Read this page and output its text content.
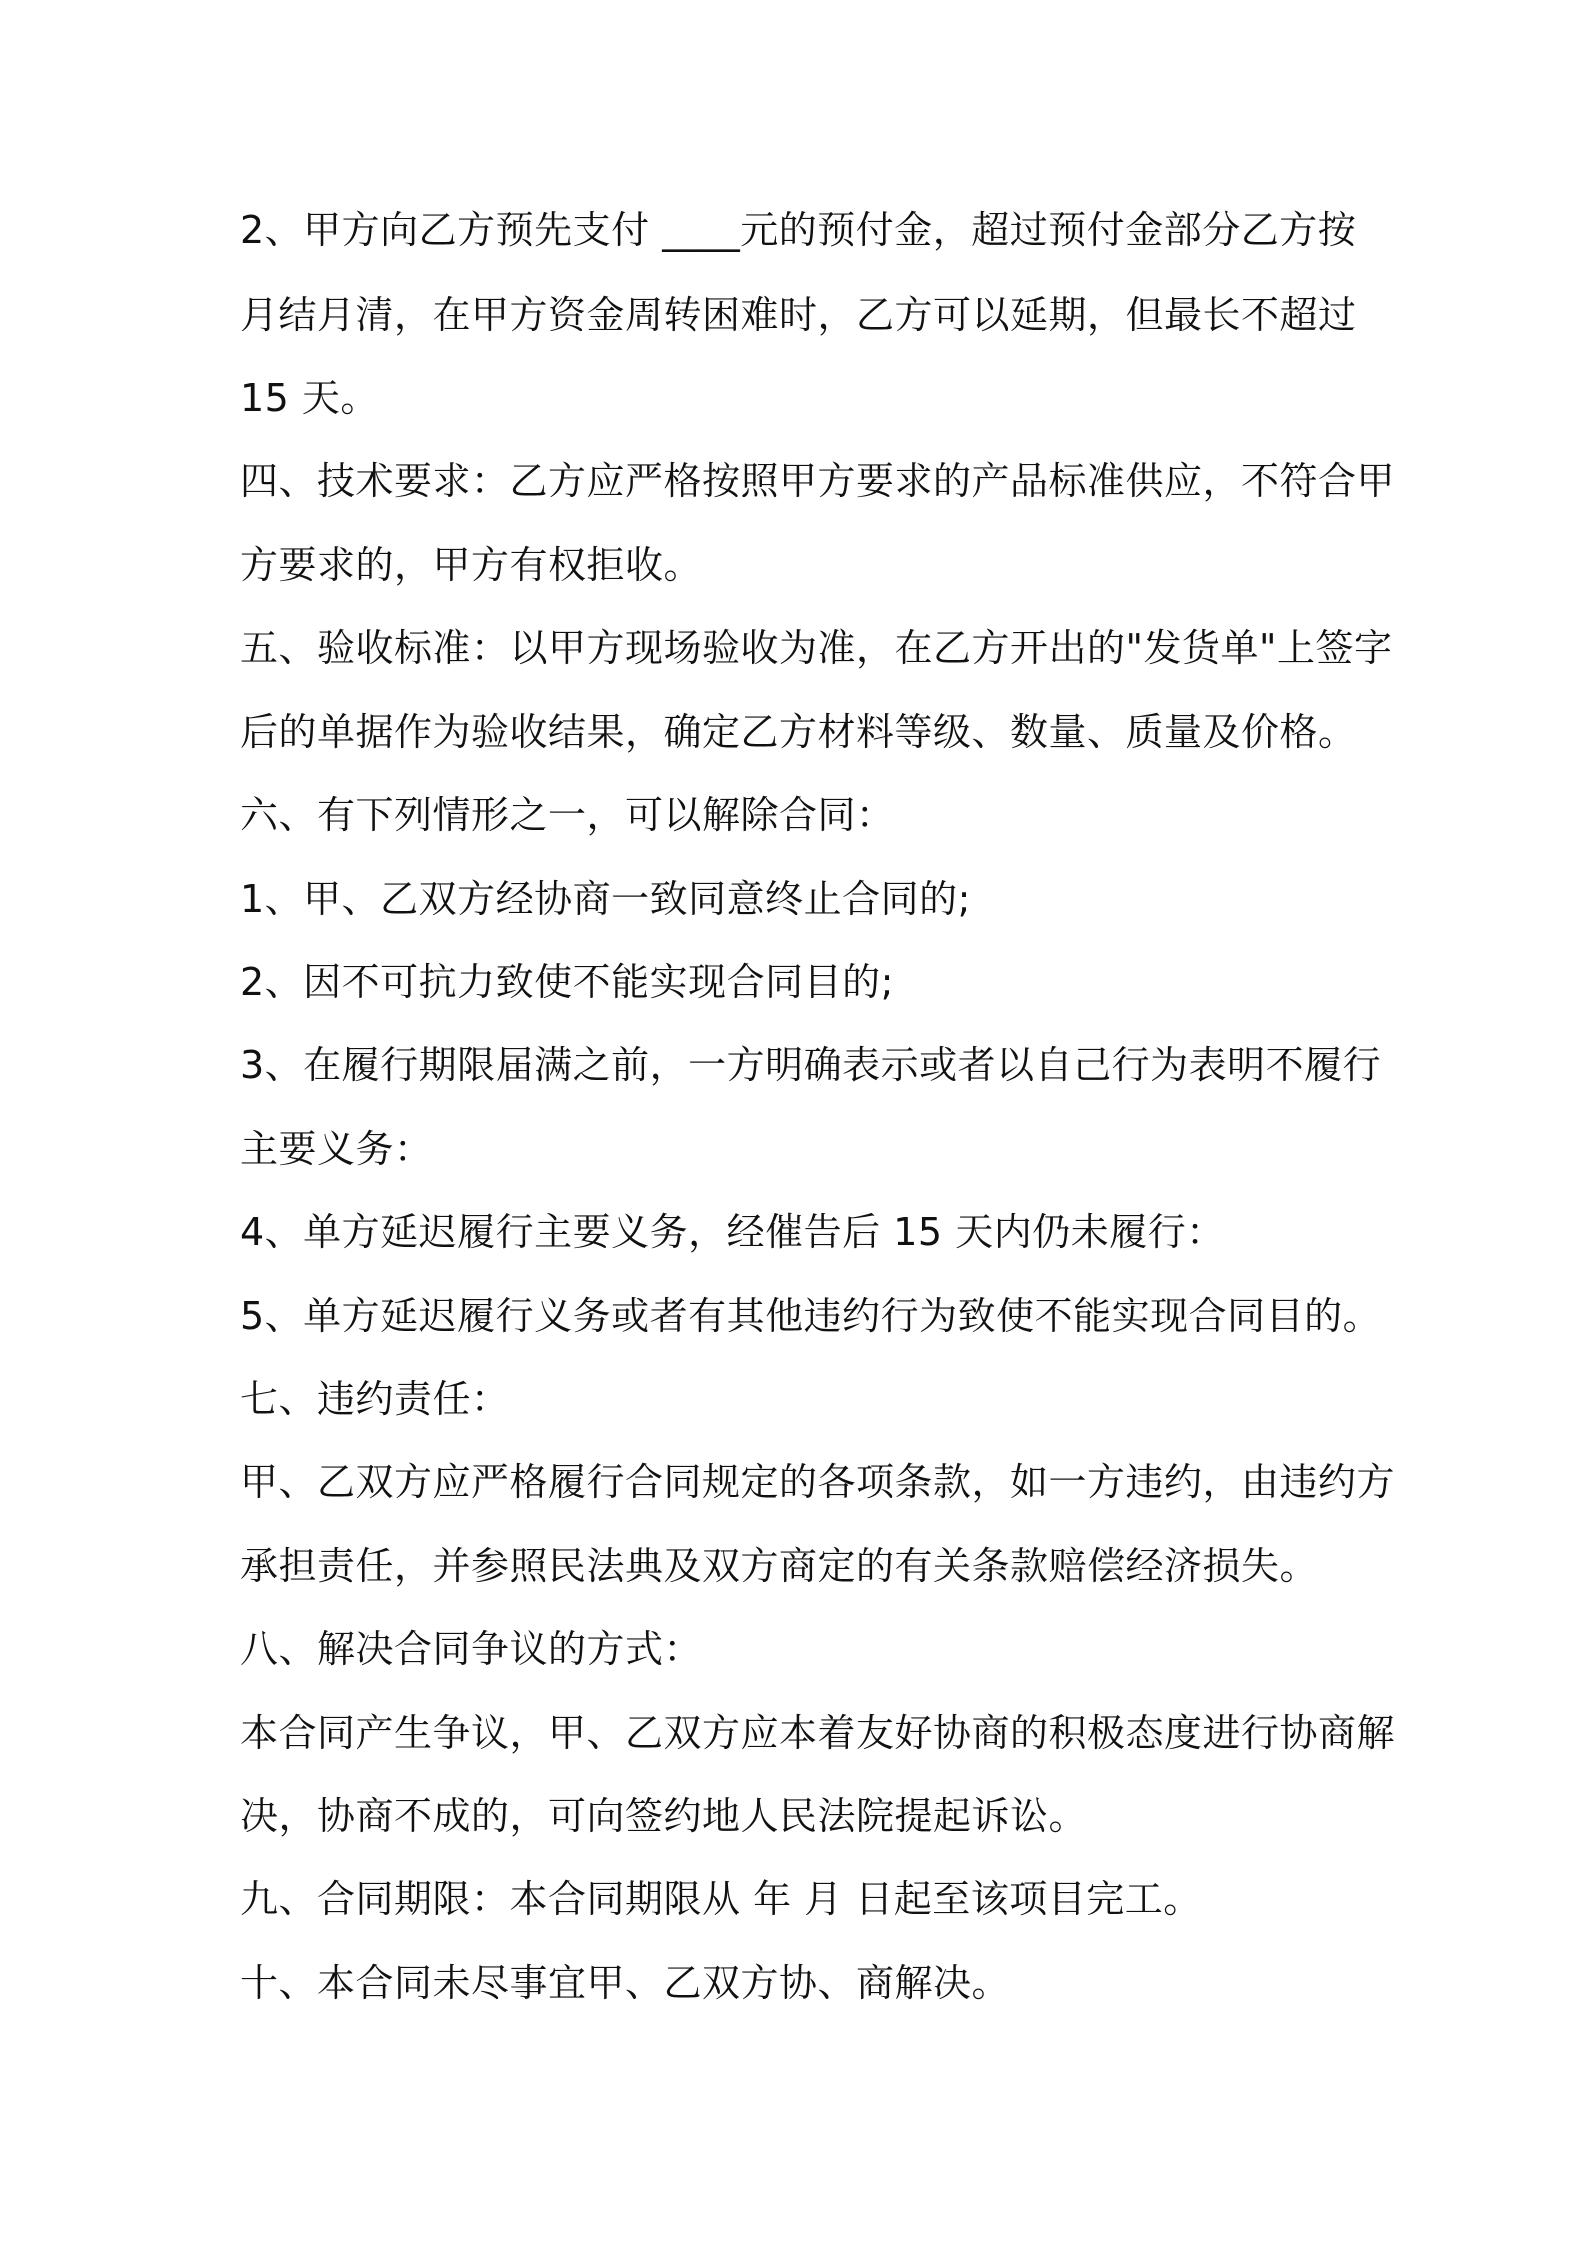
2、甲方向乙方预先支付 ____元的预付金，超过预付金部分乙方按
月结月清，在甲方资金周转困难时，乙方可以延期，但最长不超过
15 天。
四、技术要求：乙方应严格按照甲方要求的产品标准供应，不符合甲
方要求的，甲方有权拒收。
五、验收标准：以甲方现场验收为准，在乙方开出的"发货单"上签字
后的单据作为验收结果，确定乙方材料等级、数量、质量及价格。
六、有下列情形之一，可以解除合同：
1、甲、乙双方经协商一致同意终止合同的;
2、因不可抗力致使不能实现合同目的;
3、在履行期限届满之前，一方明确表示或者以自己行为表明不履行
主要义务：
4、单方延迟履行主要义务，经催告后 15 天内仍未履行：
5、单方延迟履行义务或者有其他违约行为致使不能实现合同目的。
七、违约责任：
甲、乙双方应严格履行合同规定的各项条款，如一方违约，由违约方
承担责任，并参照民法典及双方商定的有关条款赔偿经济损失。
八、解决合同争议的方式：
本合同产生争议，甲、乙双方应本着友好协商的积极态度进行协商解
决，协商不成的，可向签约地人民法院提起诉讼。
九、合同期限：本合同期限从 年 月 日起至该项目完工。
十、本合同未尽事宜甲、乙双方协、商解决。
